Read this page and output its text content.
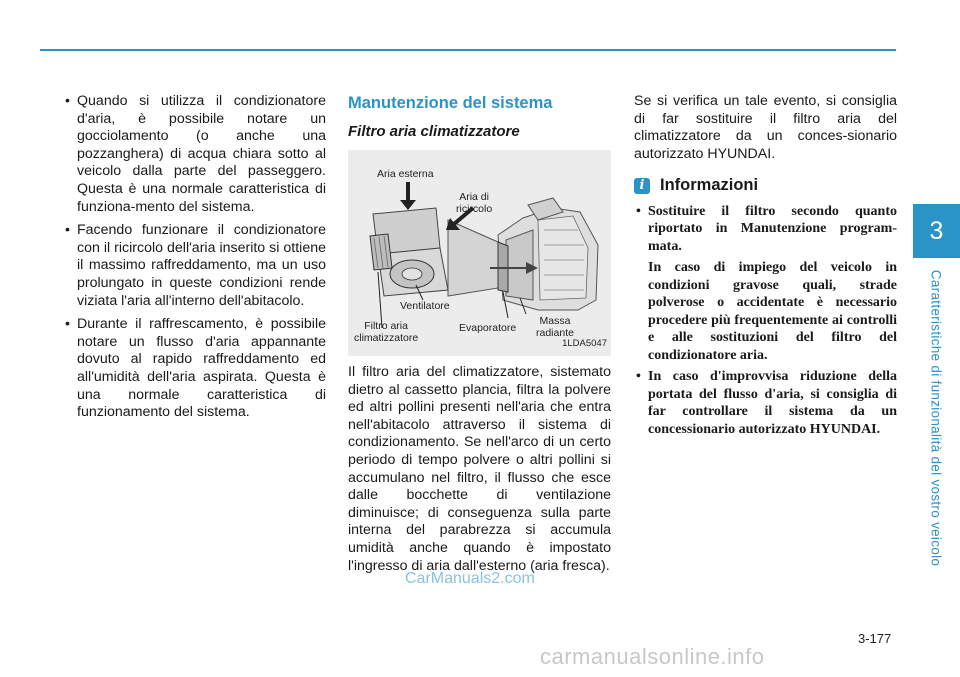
3
Caratteristiche di funzionalità del vostro veicolo
• Quando si utilizza il condizionatore d'aria, è possibile notare un gocciolamento (o anche una pozzanghera) di acqua chiara sotto al veicolo dalla parte del passeggero. Questa è una normale caratteristica di funziona-mento del sistema.
• Facendo funzionare il condizionatore con il ricircolo dell'aria inserito si ottiene il massimo raffreddamento, ma un uso prolungato in queste condizioni rende viziata l'aria all'interno dell'abitacolo.
• Durante il raffrescamento, è possibile notare un flusso d'aria appannante dovuto al rapido raffreddamento ed all'umidità dell'aria aspirata. Questa è una normale caratteristica di funzionamento del sistema.
Manutenzione del sistema
Filtro aria climatizzatore
Aria esterna
Aria di
ricircolo
Ventilatore
Filtro aria
climatizzatore
Evaporatore
Massa
radiante
1LDA5047

Il filtro aria del climatizzatore, sistemato dietro al cassetto plancia, filtra la polvere ed altri pollini presenti nell'aria che entra nell'abitacolo attraverso il sistema di condizionamento. Se nell'arco di un certo periodo di tempo polvere o altri pollini si accumulano nel filtro, il flusso che esce dalle bocchette di ventilazione diminuisce; di conseguenza sulla parte interna del parabrezza si accumula umidità anche quando è impostato l'ingresso di aria dall'esterno (aria fresca).

Se si verifica un tale evento, si consiglia di far sostituire il filtro aria del climatizzatore da un conces-sionario autorizzato HYUNDAI.

i Informazioni

• Sostituire il filtro secondo quanto riportato in Manutenzione program-mata.

In caso di impiego del veicolo in condizioni gravose quali, strade polverose o accidentate è necessario procedere più frequentemente ai controlli e alle sostituzioni del filtro del condizionatore aria.

• In caso d'improvvisa riduzione della portata del flusso d'aria, si consiglia di far controllare il sistema da un concessionario autorizzato HYUNDAI.

CarManuals2.com
3-177
carmanualsonline.info
